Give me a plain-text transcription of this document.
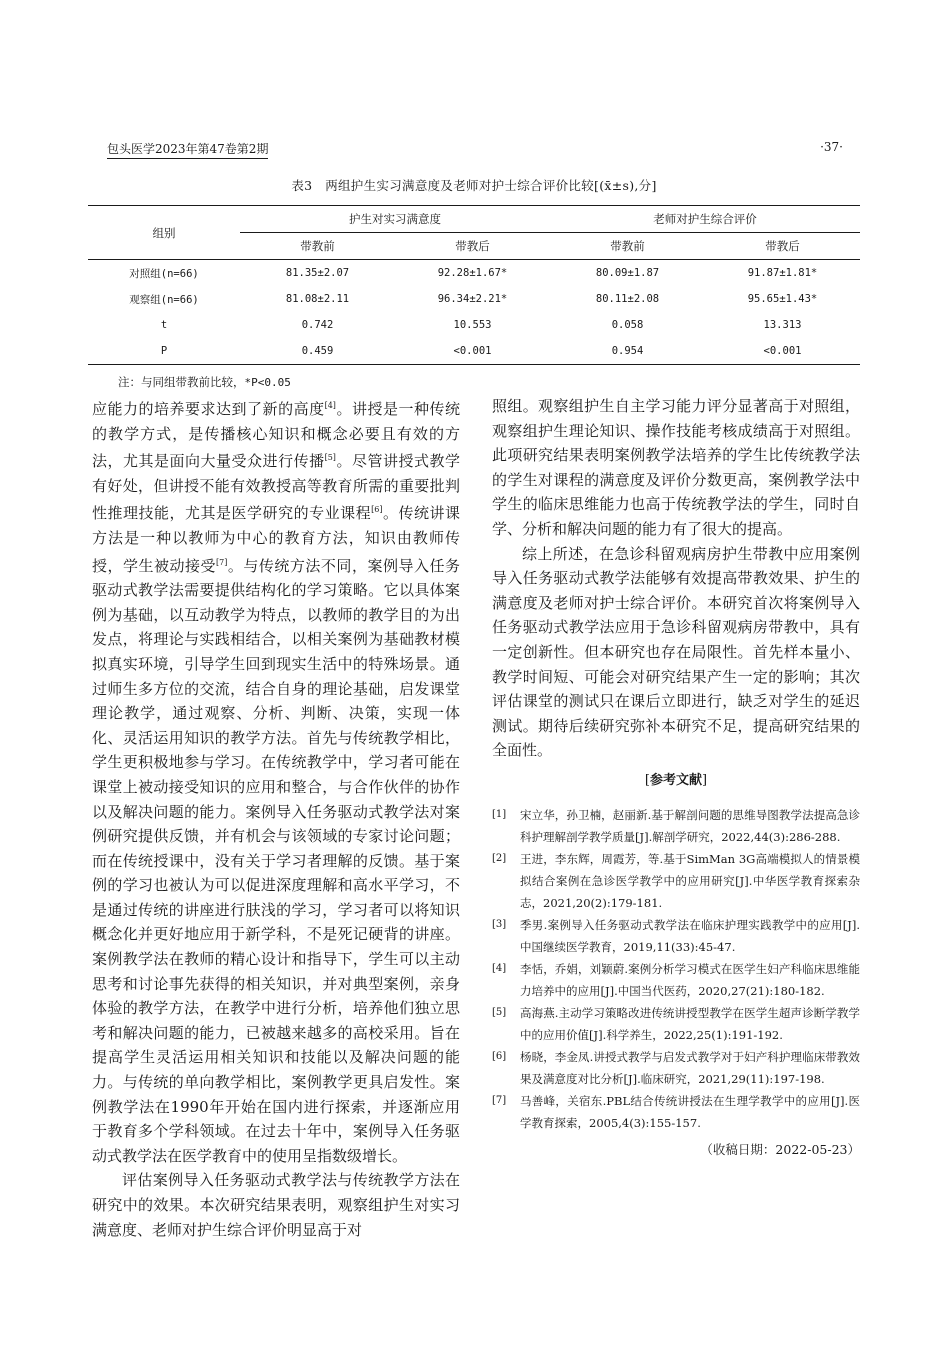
包头医学2023年第47卷第2期	·37·
表3　两组护生实习满意度及老师对护士综合评价比较[(x̄±s),分]
组别	护生对实习满意度		老师对护生综合评价	
	带教前	带教后	带教前	带教后
对照组(n=66)	81.35±2.07	92.28±1.67*	80.09±1.87	91.87±1.81*
观察组(n=66)	81.08±2.11	96.34±2.21*	80.11±2.08	95.65±1.43*
t	0.742	10.553	0.058	13.313
P	0.459	<0.001	0.954	<0.001
注：与同组带教前比较，*P<0.05

应能力的培养要求达到了新的高度[4]。讲授是一种传统的教学方式，是传播核心知识和概念必要且有效的方法，尤其是面向大量受众进行传播[5]。尽管讲授式教学有好处，但讲授不能有效教授高等教育所需的重要批判性推理技能，尤其是医学研究的专业课程[6]。传统讲课方法是一种以教师为中心的教育方法，知识由教师传授，学生被动接受[7]。与传统方法不同，案例导入任务驱动式教学法需要提供结构化的学习策略。它以具体案例为基础，以互动教学为特点，以教师的教学目的为出发点，将理论与实践相结合，以相关案例为基础教材模拟真实环境，引导学生回到现实生活中的特殊场景。通过师生多方位的交流，结合自身的理论基础，启发课堂理论教学，通过观察、分析、判断、决策，实现一体化、灵活运用知识的教学方法。首先与传统教学相比，学生更积极地参与学习。在传统教学中，学习者可能在课堂上被动接受知识的应用和整合，与合作伙伴的协作以及解决问题的能力。案例导入任务驱动式教学法对案例研究提供反馈，并有机会与该领域的专家讨论问题；而在传统授课中，没有关于学习者理解的反馈。基于案例的学习也被认为可以促进深度理解和高水平学习，不是通过传统的讲座进行肤浅的学习，学习者可以将知识概念化并更好地应用于新学科，不是死记硬背的讲座。案例教学法在教师的精心设计和指导下，学生可以主动思考和讨论事先获得的相关知识，并对典型案例，亲身体验的教学方法，在教学中进行分析，培养他们独立思考和解决问题的能力，已被越来越多的高校采用。旨在提高学生灵活运用相关知识和技能以及解决问题的能力。与传统的单向教学相比，案例教学更具启发性。案例教学法在1990年开始在国内进行探索，并逐渐应用于教育多个学科领域。在过去十年中，案例导入任务驱动式教学法在医学教育中的使用呈指数级增长。

评估案例导入任务驱动式教学法与传统教学方法在研究中的效果。本次研究结果表明，观察组护生对实习满意度、老师对护生综合评价明显高于对

照组。观察组护生自主学习能力评分显著高于对照组，观察组护生理论知识、操作技能考核成绩高于对照组。此项研究结果表明案例教学法培养的学生比传统教学法的学生对课程的满意度及评价分数更高，案例教学法中学生的临床思维能力也高于传统教学法的学生，同时自学、分析和解决问题的能力有了很大的提高。

综上所述，在急诊科留观病房护生带教中应用案例导入任务驱动式教学法能够有效提高带教效果、护生的满意度及老师对护士综合评价。本研究首次将案例导入任务驱动式教学法应用于急诊科留观病房带教中，具有一定创新性。但本研究也存在局限性。首先样本量小、教学时间短、可能会对研究结果产生一定的影响；其次评估课堂的测试只在课后立即进行，缺乏对学生的延迟测试。期待后续研究弥补本研究不足，提高研究结果的全面性。

[参考文献]
[1] 宋立华，孙卫楠，赵丽新.基于解剖问题的思维导图教学法提高急诊科护理解剖学教学质量[J].解剖学研究，2022,44(3):286-288.
[2] 王进，李东辉，周霞芳，等.基于SimMan 3G高端模拟人的情景模拟结合案例在急诊医学教学中的应用研究[J].中华医学教育探索杂志，2021,20(2):179-181.
[3] 季男.案例导入任务驱动式教学法在临床护理实践教学中的应用[J].中国继续医学教育，2019,11(33):45-47.
[4] 李恬，乔娟，刘颖蔚.案例分析学习模式在医学生妇产科临床思维能力培养中的应用[J].中国当代医药，2020,27(21):180-182.
[5] 高海燕.主动学习策略改进传统讲授型教学在医学生超声诊断学教学中的应用价值[J].科学养生，2022,25(1):191-192.
[6] 杨晓，李金凤.讲授式教学与启发式教学对于妇产科护理临床带教效果及满意度对比分析[J].临床研究，2021,29(11):197-198.
[7] 马善峰，关宿东.PBL结合传统讲授法在生理学教学中的应用[J].医学教育探索，2005,4(3):155-157.
（收稿日期：2022-05-23）
